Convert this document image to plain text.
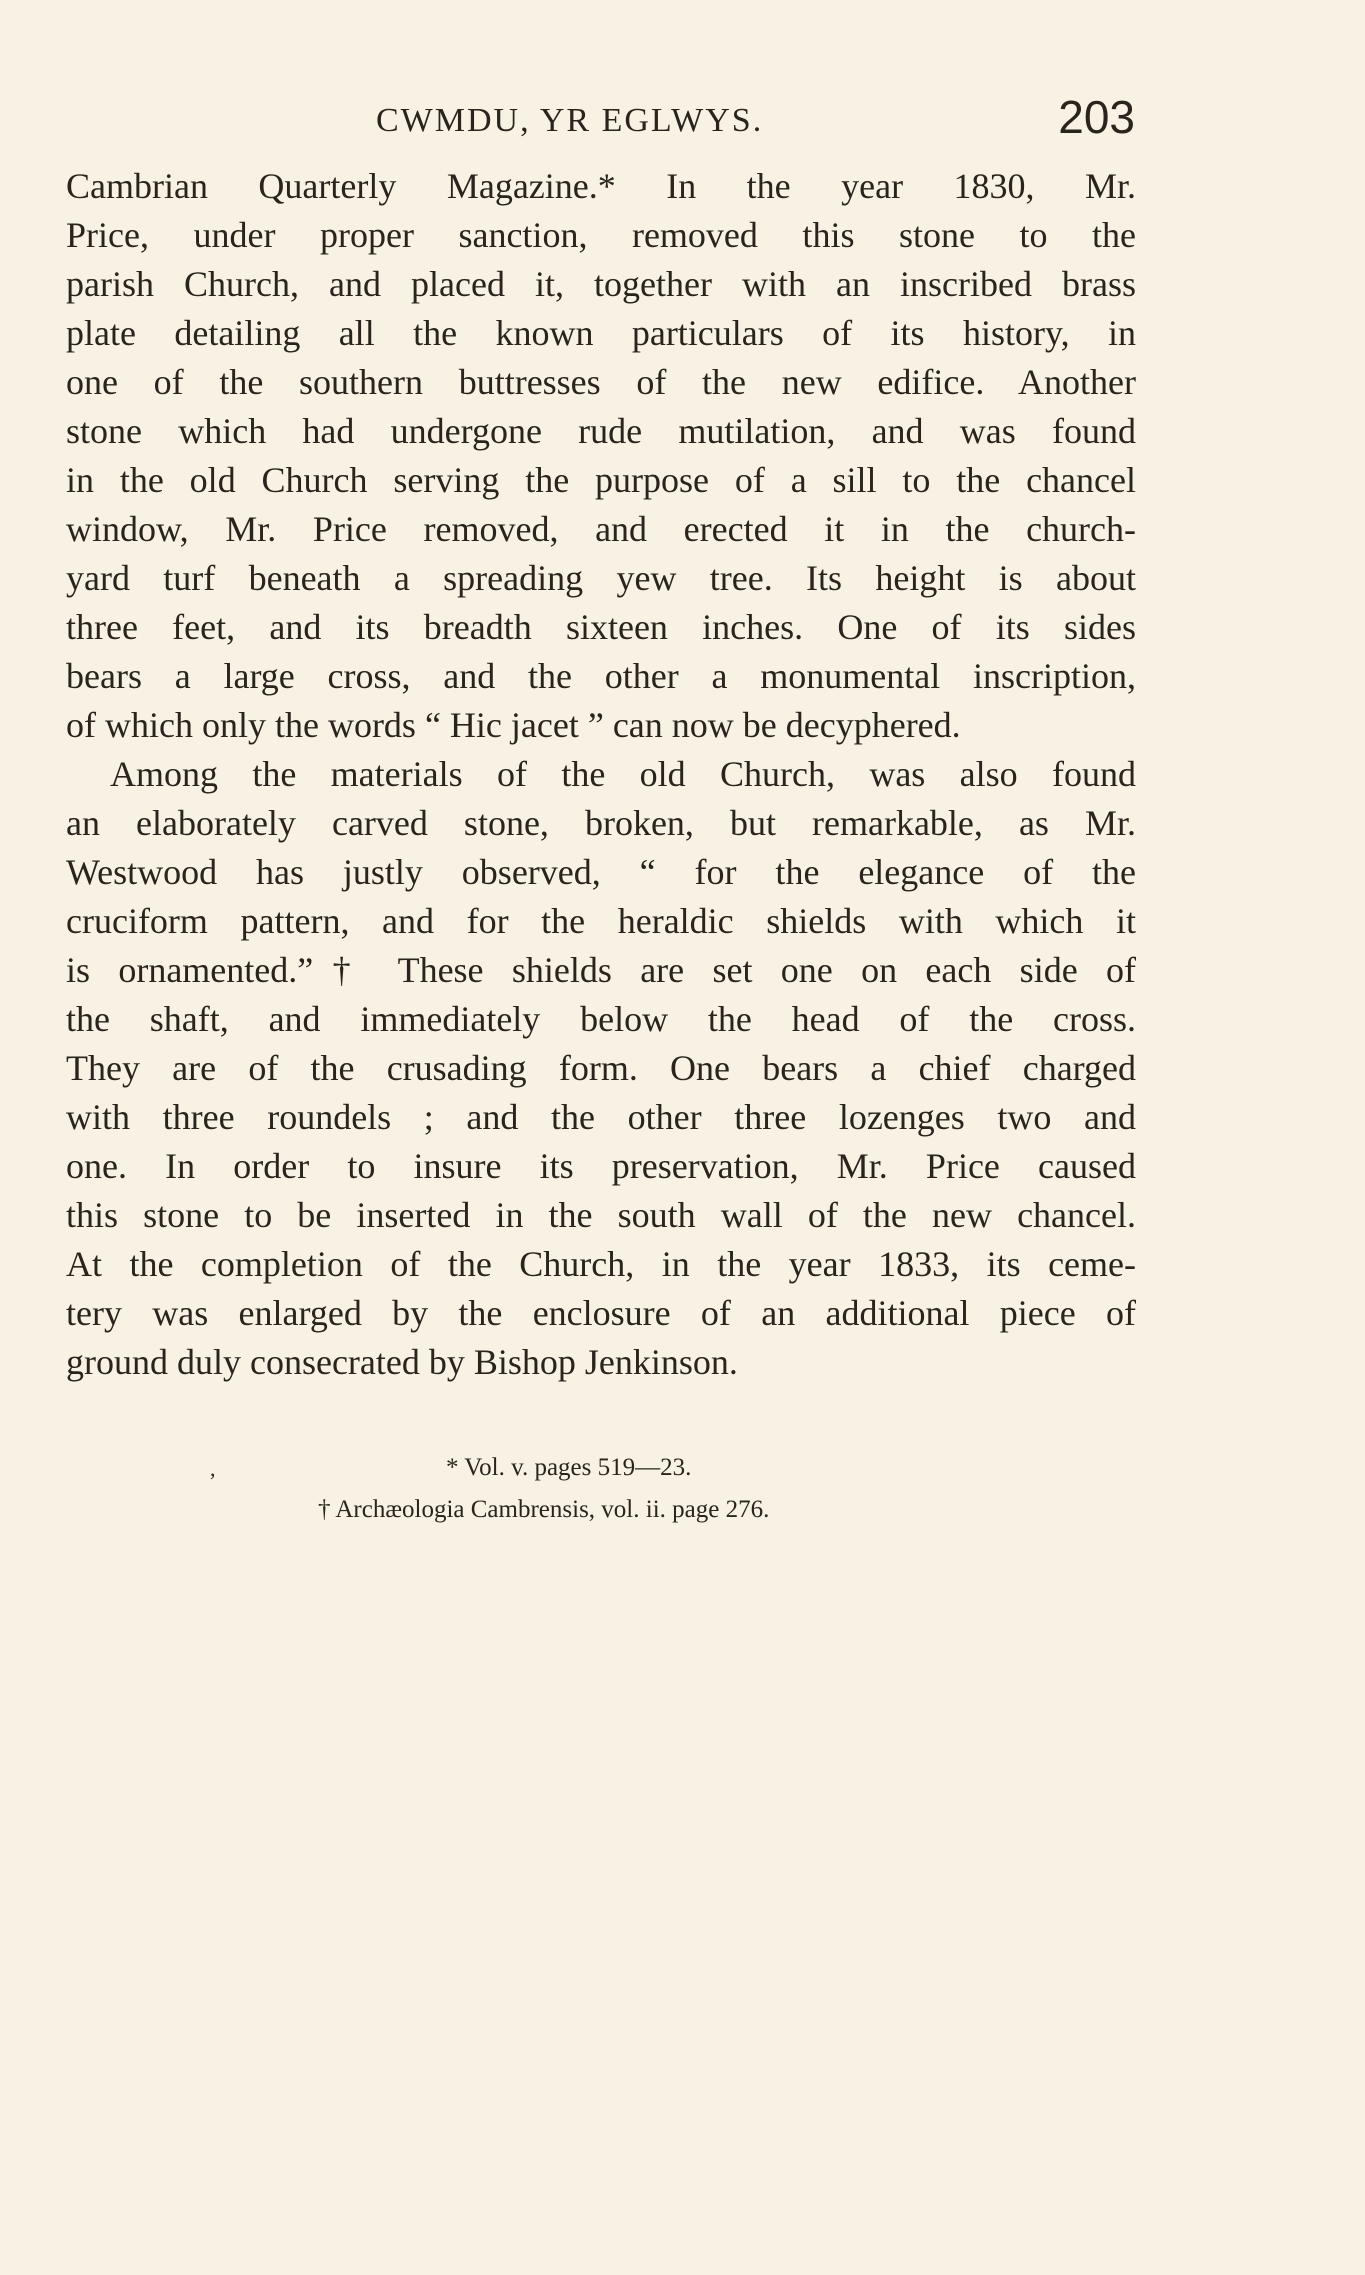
CWMDU, YR EGLWYS.	203
Cambrian Quarterly Magazine.* In the year 1830, Mr.
Price, under proper sanction, removed this stone to the
parish Church, and placed it, together with an inscribed brass
plate detailing all the known particulars of its history, in
one of the southern buttresses of the new edifice. Another
stone which had undergone rude mutilation, and was found
in the old Church serving the purpose of a sill to the chancel
window, Mr. Price removed, and erected it in the church-
yard turf beneath a spreading yew tree. Its height is about
three feet, and its breadth sixteen inches. One of its sides
bears a large cross, and the other a monumental inscription,
of which only the words “ Hic jacet ” can now be decyphered.
Among the materials of the old Church, was also found
an elaborately carved stone, broken, but remarkable, as Mr.
Westwood has justly observed, “ for the elegance of the
cruciform pattern, and for the heraldic shields with which it
is ornamented.”† These shields are set one on each side of
the shaft, and immediately below the head of the cross.
They are of the crusading form. One bears a chief charged
with three roundels ; and the other three lozenges two and
one. In order to insure its preservation, Mr. Price caused
this stone to be inserted in the south wall of the new chancel.
At the completion of the Church, in the year 1833, its ceme-
tery was enlarged by the enclosure of an additional piece of
ground duly consecrated by Bishop Jenkinson.
,	* Vol. v. pages 519—23.
† Archæologia Cambrensis, vol. ii. page 276.
